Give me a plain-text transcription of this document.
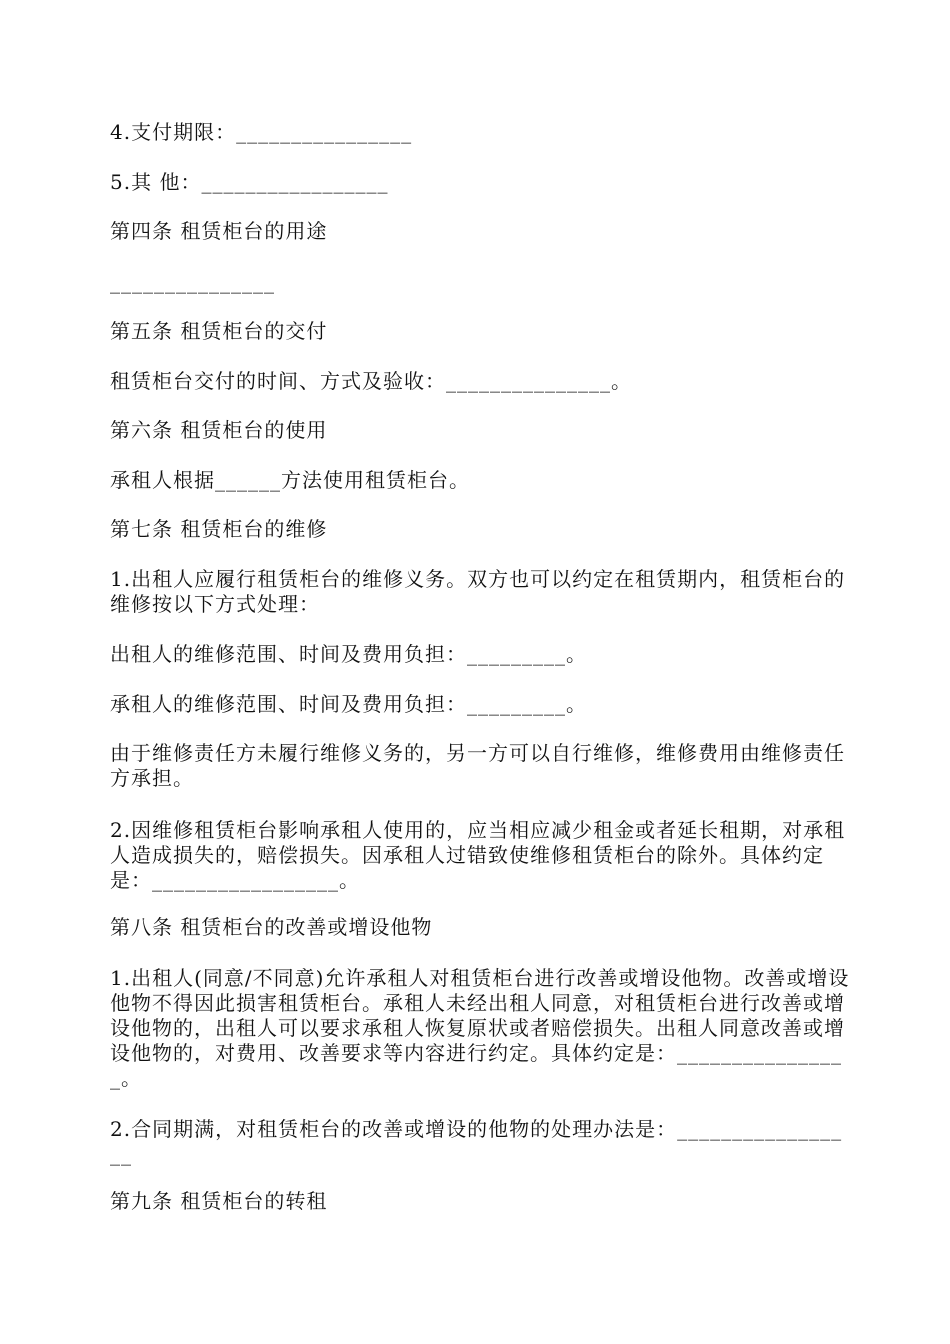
4.支付期限：________________

5.其 他：_________________

第四条 租赁柜台的用途

_______________

第五条 租赁柜台的交付

租赁柜台交付的时间、方式及验收：_______________。

第六条 租赁柜台的使用

承租人根据______方法使用租赁柜台。

第七条 租赁柜台的维修

1.出租人应履行租赁柜台的维修义务。双方也可以约定在租赁期内，租赁柜台的维修按以下方式处理：

出租人的维修范围、时间及费用负担：_________。

承租人的维修范围、时间及费用负担：_________。

由于维修责任方未履行维修义务的，另一方可以自行维修，维修费用由维修责任方承担。

2.因维修租赁柜台影响承租人使用的，应当相应减少租金或者延长租期，对承租人造成损失的，赔偿损失。因承租人过错致使维修租赁柜台的除外。具体约定是：_________________。

第八条 租赁柜台的改善或增设他物

1.出租人(同意/不同意)允许承租人对租赁柜台进行改善或增设他物。改善或增设他物不得因此损害租赁柜台。承租人未经出租人同意，对租赁柜台进行改善或增设他物的，出租人可以要求承租人恢复原状或者赔偿损失。出租人同意改善或增设他物的，对费用、改善要求等内容进行约定。具体约定是：________________。

2.合同期满，对租赁柜台的改善或增设的他物的处理办法是：_________________

第九条 租赁柜台的转租
